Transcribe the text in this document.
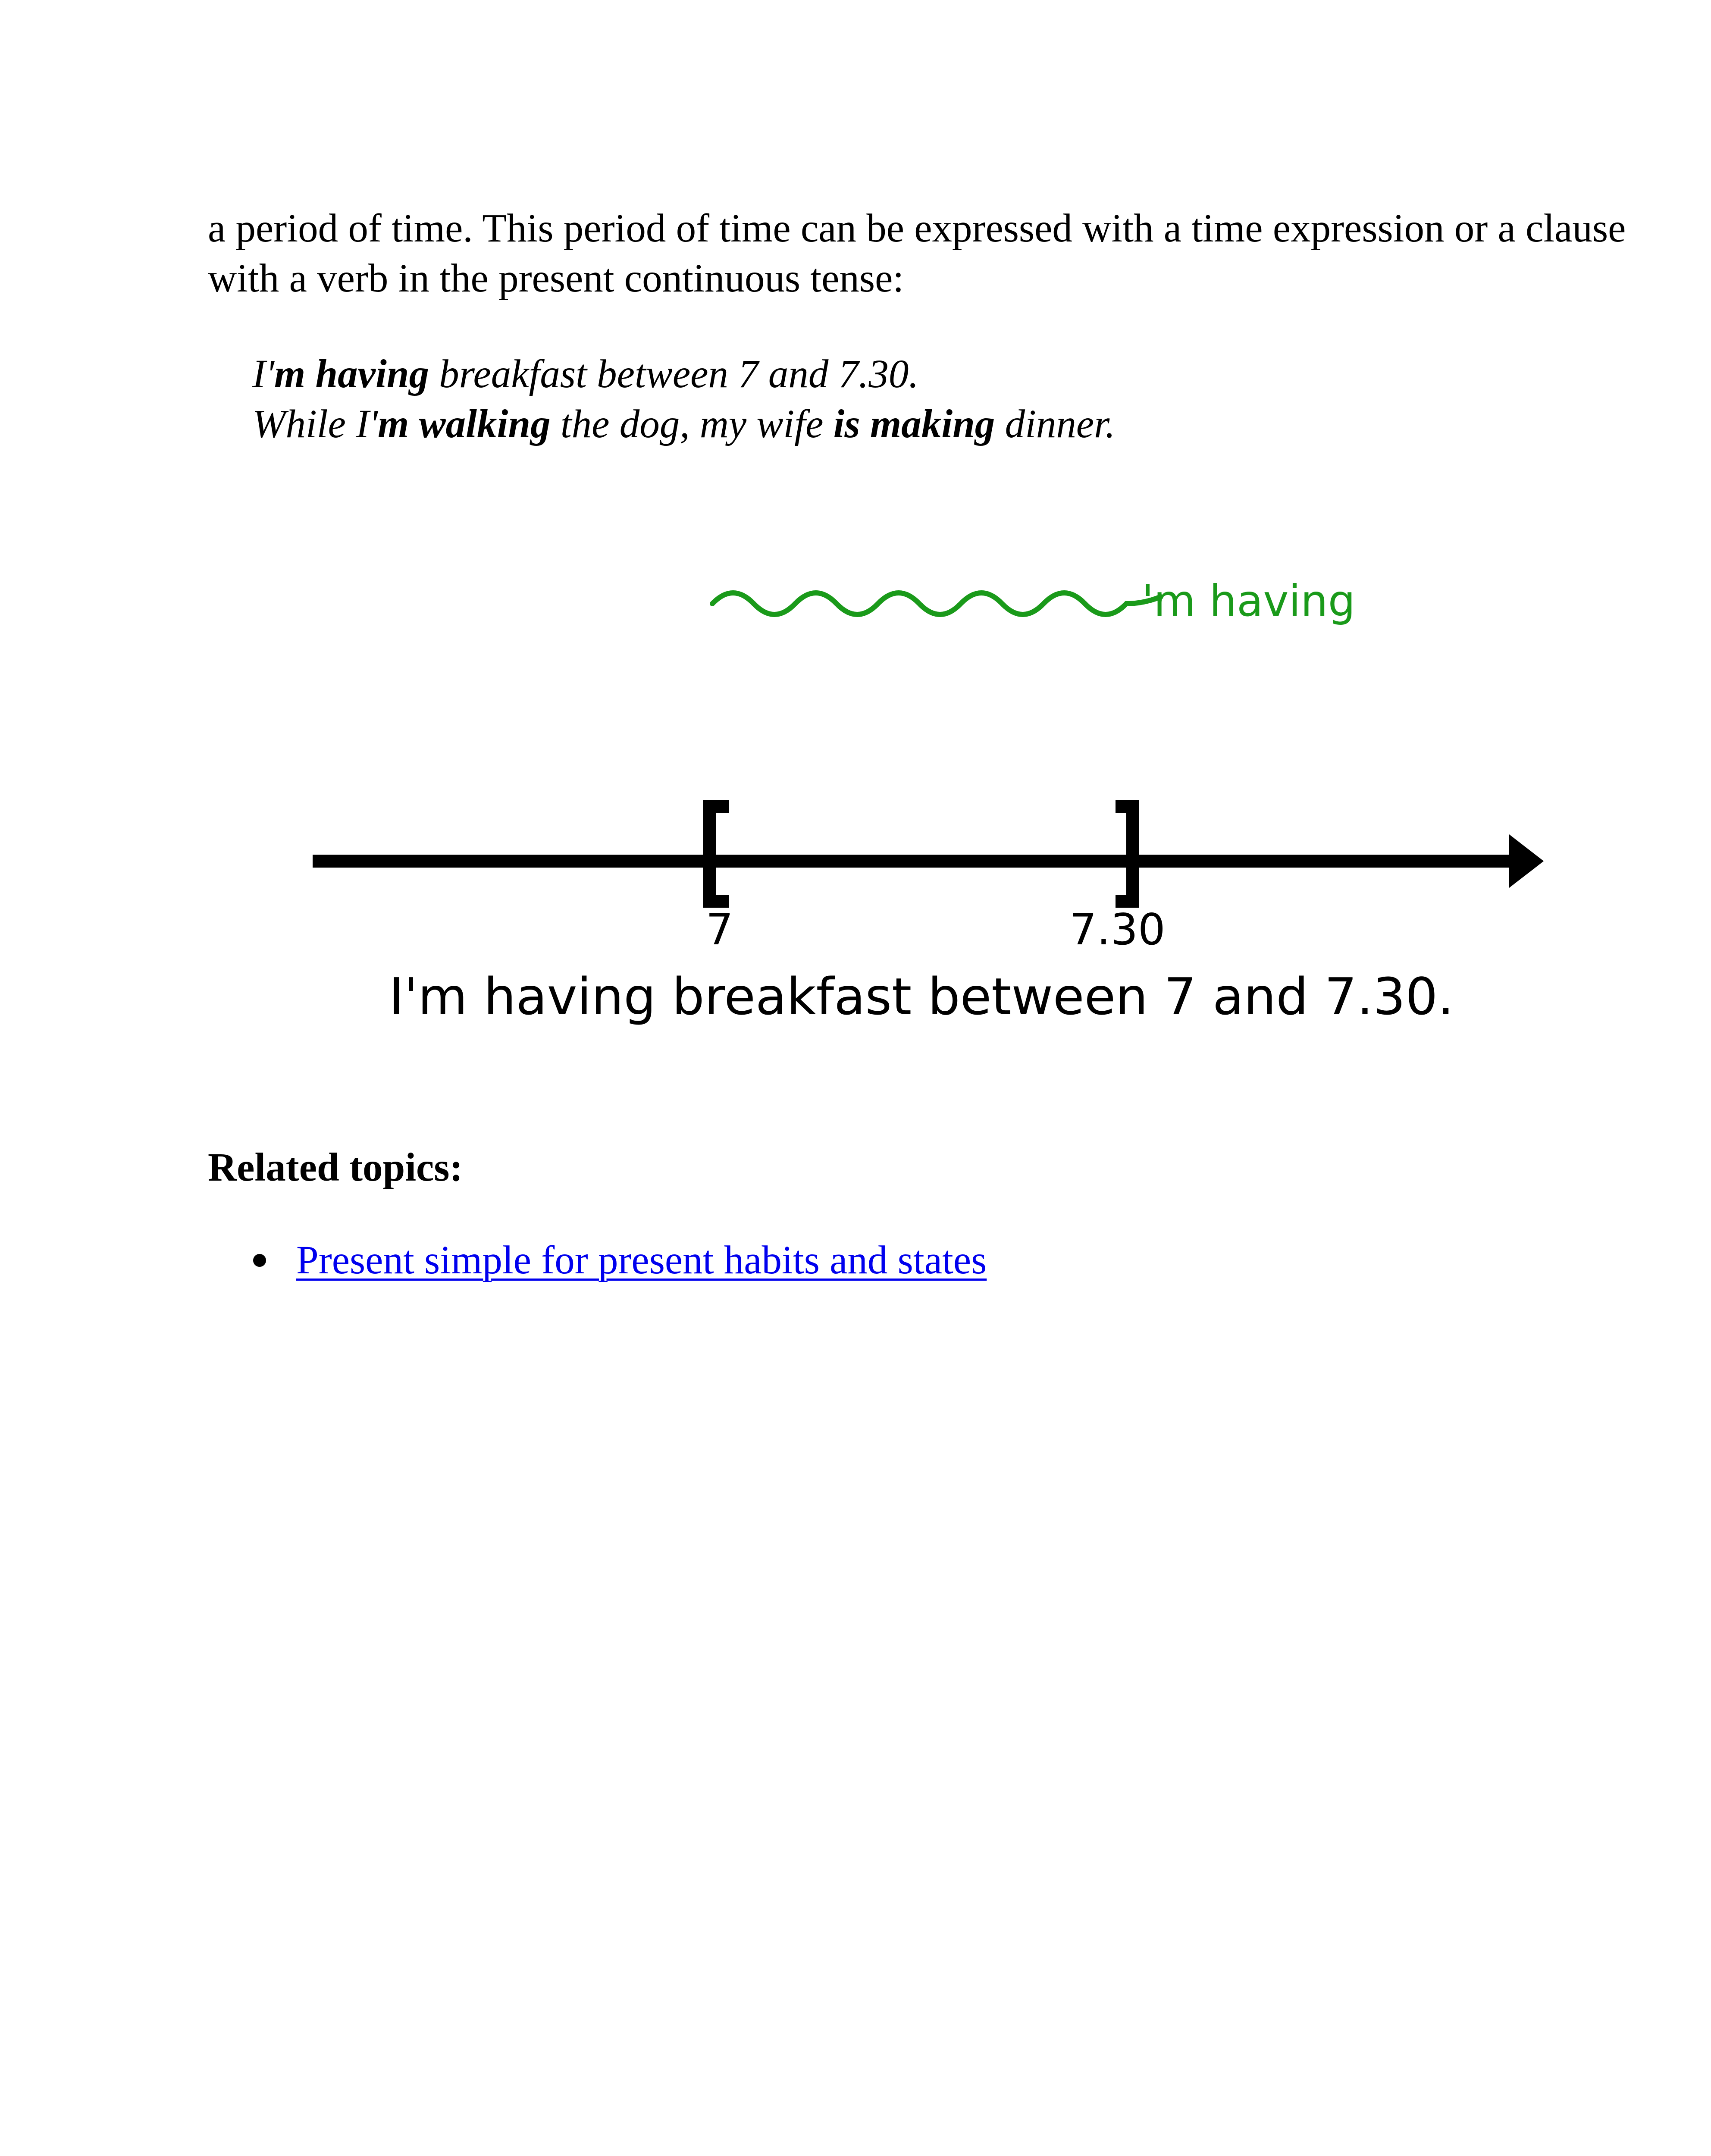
a period of time. This period of time can be expressed with a time expression or a clause with a verb in the present continuous tense:

I'm having breakfast between 7 and 7.30.
While I'm walking the dog, my wife is making dinner.
'm having
7	7.30
I'm having breakfast between 7 and 7.30.
Related topics:
Present simple for present habits and states
